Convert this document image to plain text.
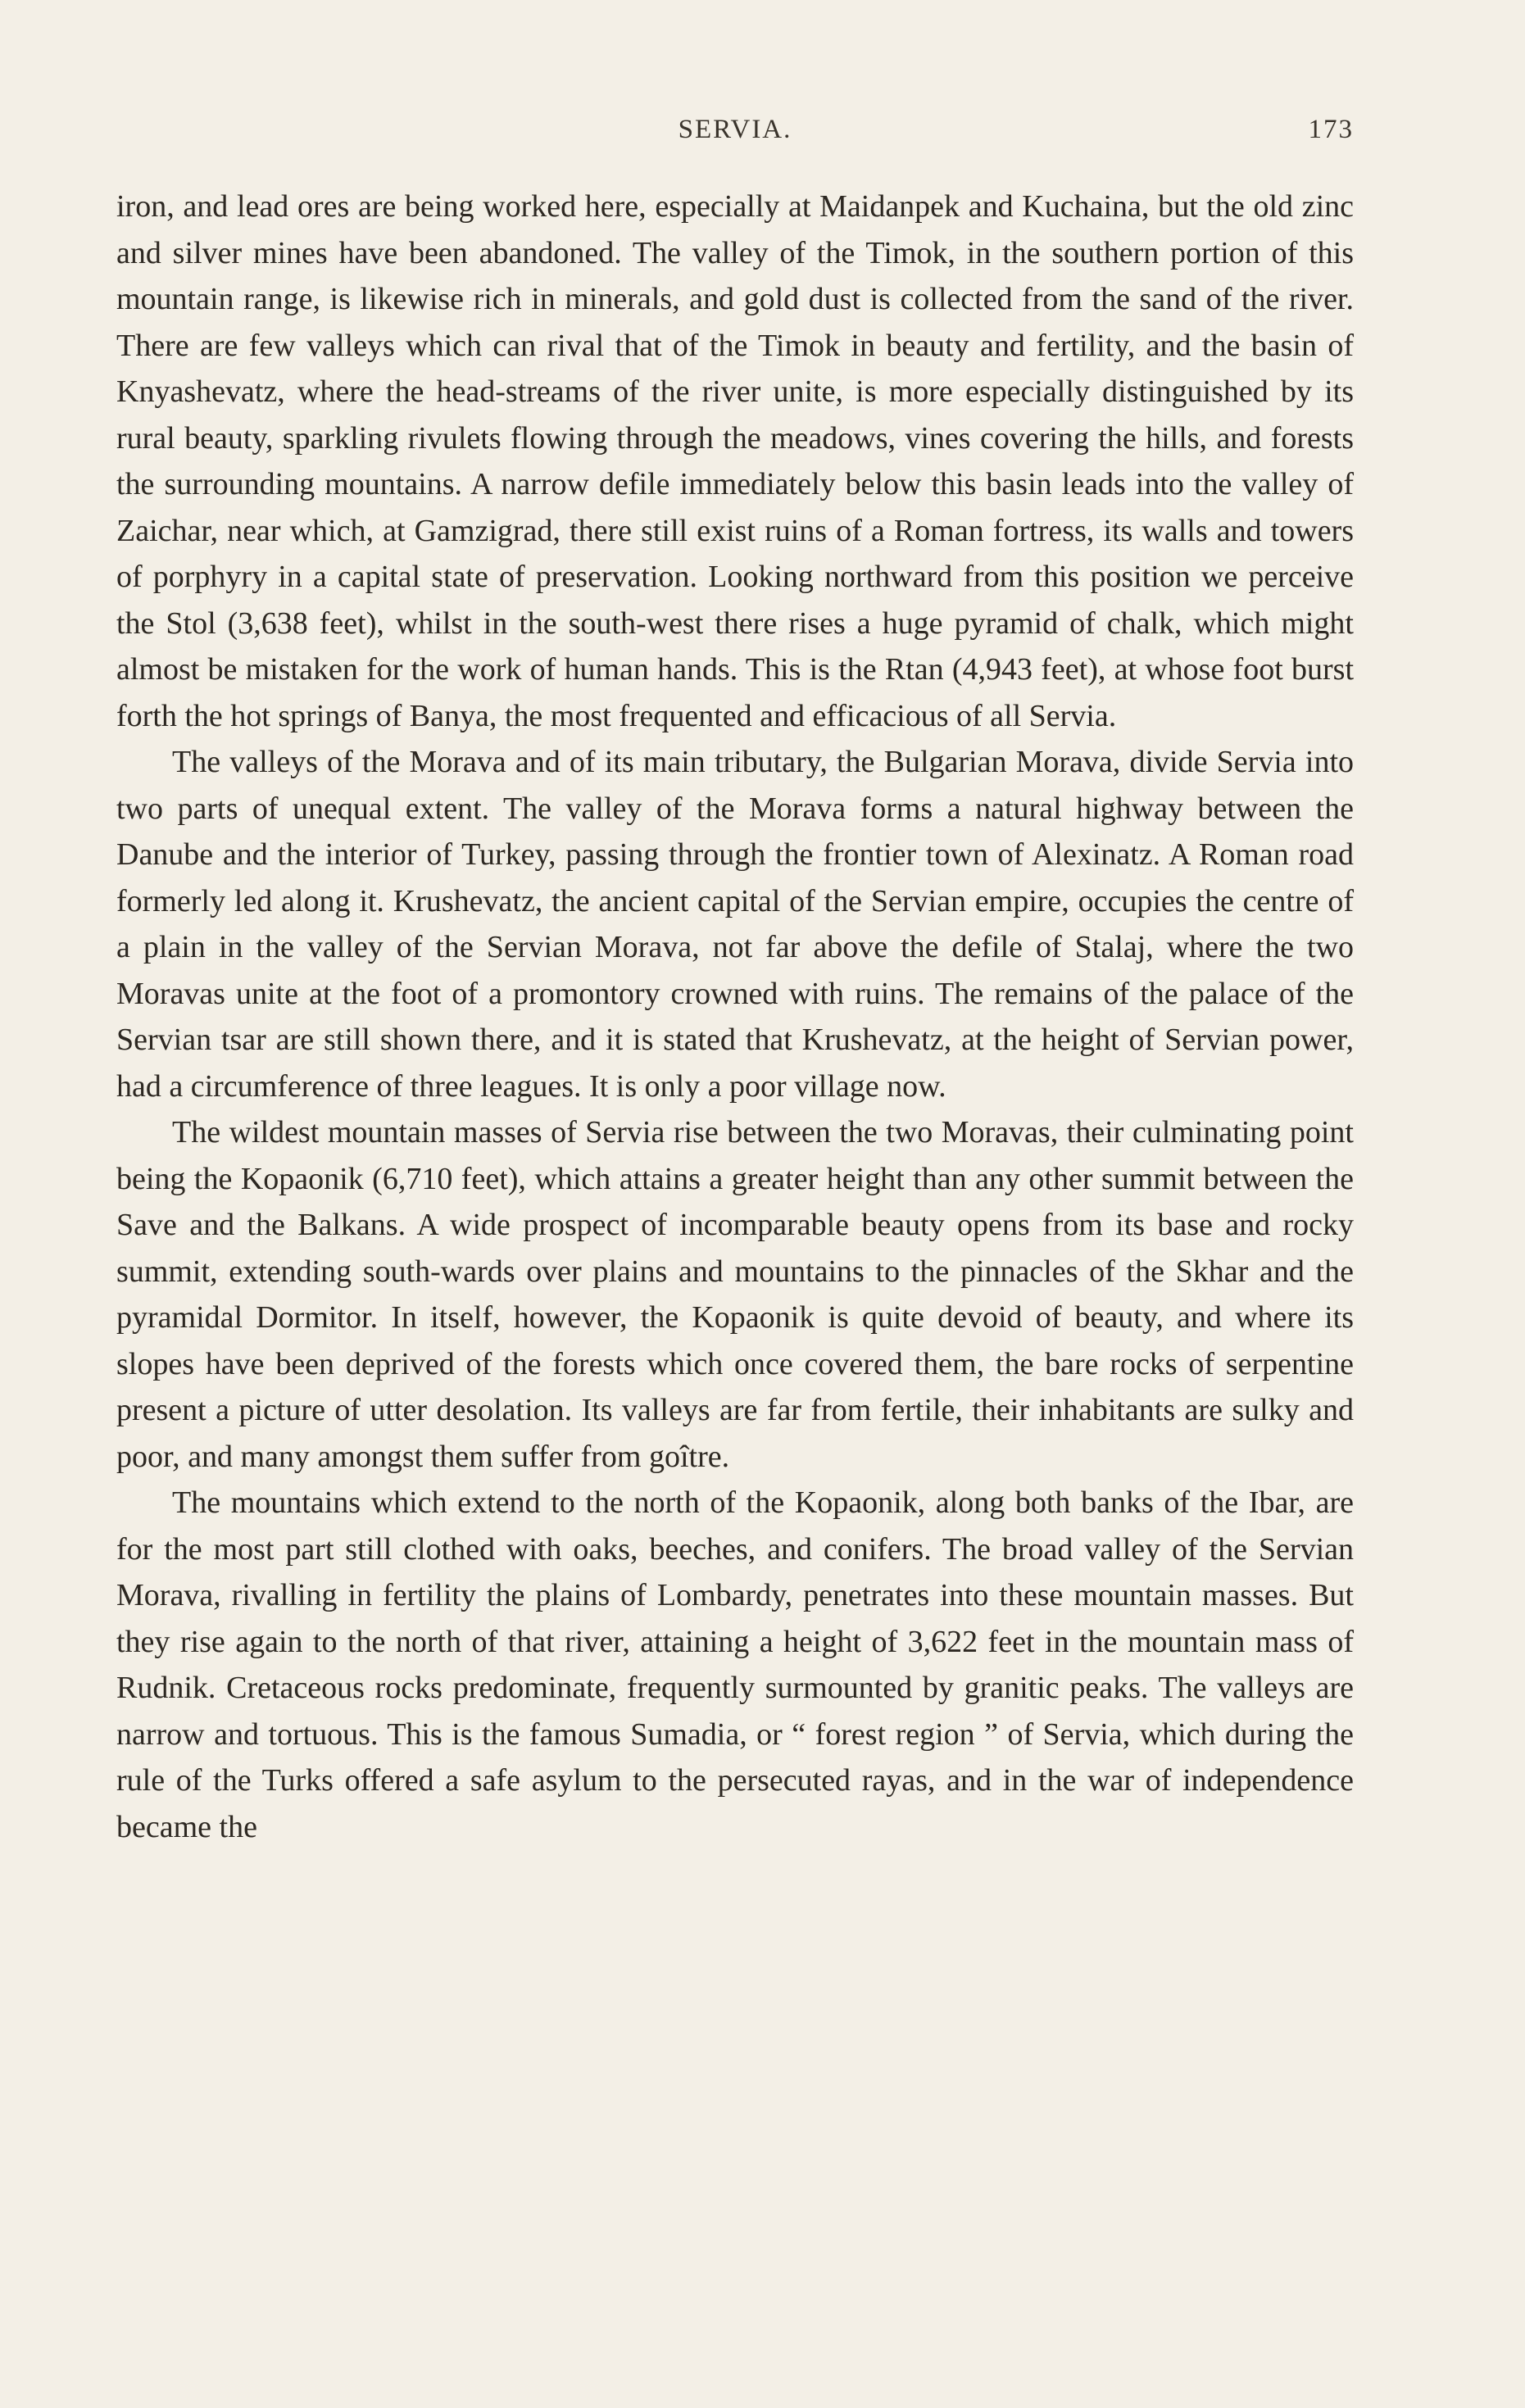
SERVIA.	173

iron, and lead ores are being worked here, especially at Maidanpek and Kuchaina, but the old zinc and silver mines have been abandoned. The valley of the Timok, in the southern portion of this mountain range, is likewise rich in minerals, and gold dust is collected from the sand of the river. There are few valleys which can rival that of the Timok in beauty and fertility, and the basin of Knyashevatz, where the head-streams of the river unite, is more especially distinguished by its rural beauty, sparkling rivulets flowing through the meadows, vines covering the hills, and forests the surrounding mountains. A narrow defile immediately below this basin leads into the valley of Zaichar, near which, at Gamzigrad, there still exist ruins of a Roman fortress, its walls and towers of porphyry in a capital state of preservation. Looking northward from this position we perceive the Stol (3,638 feet), whilst in the south-west there rises a huge pyramid of chalk, which might almost be mistaken for the work of human hands. This is the Rtan (4,943 feet), at whose foot burst forth the hot springs of Banya, the most frequented and efficacious of all Servia.

The valleys of the Morava and of its main tributary, the Bulgarian Morava, divide Servia into two parts of unequal extent. The valley of the Morava forms a natural highway between the Danube and the interior of Turkey, passing through the frontier town of Alexinatz. A Roman road formerly led along it. Krushevatz, the ancient capital of the Servian empire, occupies the centre of a plain in the valley of the Servian Morava, not far above the defile of Stalaj, where the two Moravas unite at the foot of a promontory crowned with ruins. The remains of the palace of the Servian tsar are still shown there, and it is stated that Krushevatz, at the height of Servian power, had a circumference of three leagues. It is only a poor village now.

The wildest mountain masses of Servia rise between the two Moravas, their culminating point being the Kopaonik (6,710 feet), which attains a greater height than any other summit between the Save and the Balkans. A wide prospect of incomparable beauty opens from its base and rocky summit, extending south-wards over plains and mountains to the pinnacles of the Skhar and the pyramidal Dormitor. In itself, however, the Kopaonik is quite devoid of beauty, and where its slopes have been deprived of the forests which once covered them, the bare rocks of serpentine present a picture of utter desolation. Its valleys are far from fertile, their inhabitants are sulky and poor, and many amongst them suffer from goître.

The mountains which extend to the north of the Kopaonik, along both banks of the Ibar, are for the most part still clothed with oaks, beeches, and conifers. The broad valley of the Servian Morava, rivalling in fertility the plains of Lombardy, penetrates into these mountain masses. But they rise again to the north of that river, attaining a height of 3,622 feet in the mountain mass of Rudnik. Cretaceous rocks predominate, frequently surmounted by granitic peaks. The valleys are narrow and tortuous. This is the famous Sumadia, or “ forest region ” of Servia, which during the rule of the Turks offered a safe asylum to the persecuted rayas, and in the war of independence became the
